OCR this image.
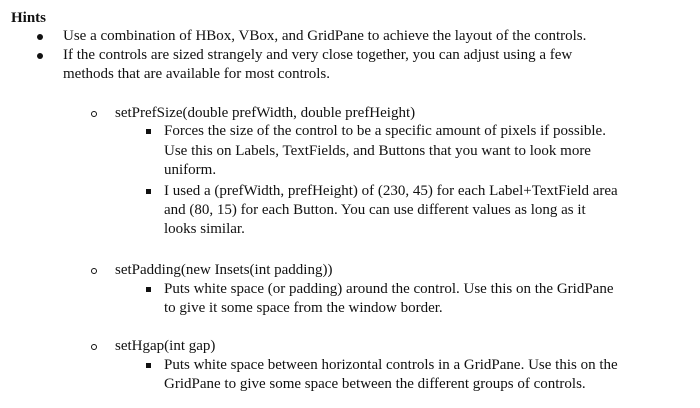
Hints
Use a combination of HBox, VBox, and GridPane to achieve the layout of the controls.
If the controls are sized strangely and very close together, you can adjust using a few
methods that are available for most controls.
setPrefSize(double prefWidth, double prefHeight)
Forces the size of the control to be a specific amount of pixels if possible.
Use this on Labels, TextFields, and Buttons that you want to look more
uniform.
I used a (prefWidth, prefHeight) of (230, 45) for each Label+TextField area
and (80, 15) for each Button. You can use different values as long as it
looks similar.
setPadding(new Insets(int padding))
Puts white space (or padding) around the control. Use this on the GridPane
to give it some space from the window border.
setHgap(int gap)
Puts white space between horizontal controls in a GridPane. Use this on the
GridPane to give some space between the different groups of controls.
